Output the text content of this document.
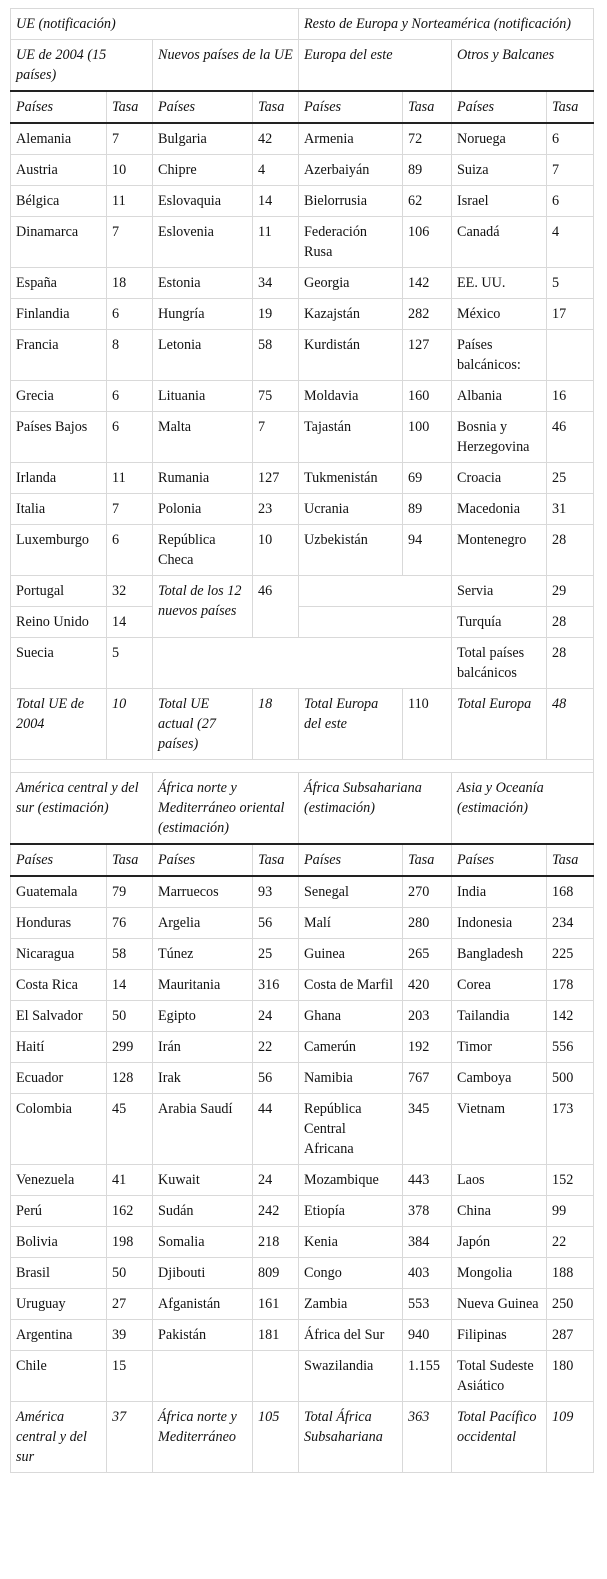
UE (notificación)				Resto de Europa y Norteamérica (notificación)			
UE de 2004 (15 países)		Nuevos países de la UE		Europa del este		Otros y Balcanes	
Países	Tasa	Países	Tasa	Países	Tasa	Países	Tasa
Alemania	7	Bulgaria	42	Armenia	72	Noruega	6
Austria	10	Chipre	4	Azerbaiyán	89	Suiza	7
Bélgica	11	Eslovaquia	14	Bielorrusia	62	Israel	6
Dinamarca	7	Eslovenia	11	Federación Rusa	106	Canadá	4
España	18	Estonia	34	Georgia	142	EE. UU.	5
Finlandia	6	Hungría	19	Kazajstán	282	México	17
Francia	8	Letonia	58	Kurdistán	127	Países balcánicos:	
Grecia	6	Lituania	75	Moldavia	160	Albania	16
Países Bajos	6	Malta	7	Tajastán	100	Bosnia y Herzegovina	46
Irlanda	11	Rumania	127	Tukmenistán	69	Croacia	25
Italia	7	Polonia	23	Ucrania	89	Macedonia	31
Luxemburgo	6	República Checa	10	Uzbekistán	94	Montenegro	28
Portugal	32	Total de los 12 nuevos países	46			Servia	29
Reino Unido	14					Turquía	28
Suecia	5					Total países balcánicos	28
Total UE de 2004	10	Total UE actual (27 países)	18	Total Europa del este	110	Total Europa	48

América central y del sur (estimación)		África norte y Mediterráneo oriental (estimación)		África Subsahariana (estimación)		Asia y Oceanía (estimación)	
Países	Tasa	Países	Tasa	Países	Tasa	Países	Tasa
Guatemala	79	Marruecos	93	Senegal	270	India	168
Honduras	76	Argelia	56	Malí	280	Indonesia	234
Nicaragua	58	Túnez	25	Guinea	265	Bangladesh	225
Costa Rica	14	Mauritania	316	Costa de Marfil	420	Corea	178
El Salvador	50	Egipto	24	Ghana	203	Tailandia	142
Haití	299	Irán	22	Camerún	192	Timor	556
Ecuador	128	Irak	56	Namibia	767	Camboya	500
Colombia	45	Arabia Saudí	44	República Central Africana	345	Vietnam	173
Venezuela	41	Kuwait	24	Mozambique	443	Laos	152
Perú	162	Sudán	242	Etiopía	378	China	99
Bolivia	198	Somalia	218	Kenia	384	Japón	22
Brasil	50	Djibouti	809	Congo	403	Mongolia	188
Uruguay	27	Afganistán	161	Zambia	553	Nueva Guinea	250
Argentina	39	Pakistán	181	África del Sur	940	Filipinas	287
Chile	15			Swazilandia	1.155	Total Sudeste Asiático	180
América central y del sur	37	África norte y Mediterráneo	105	Total África Subsahariana	363	Total Pacífico occidental	109
